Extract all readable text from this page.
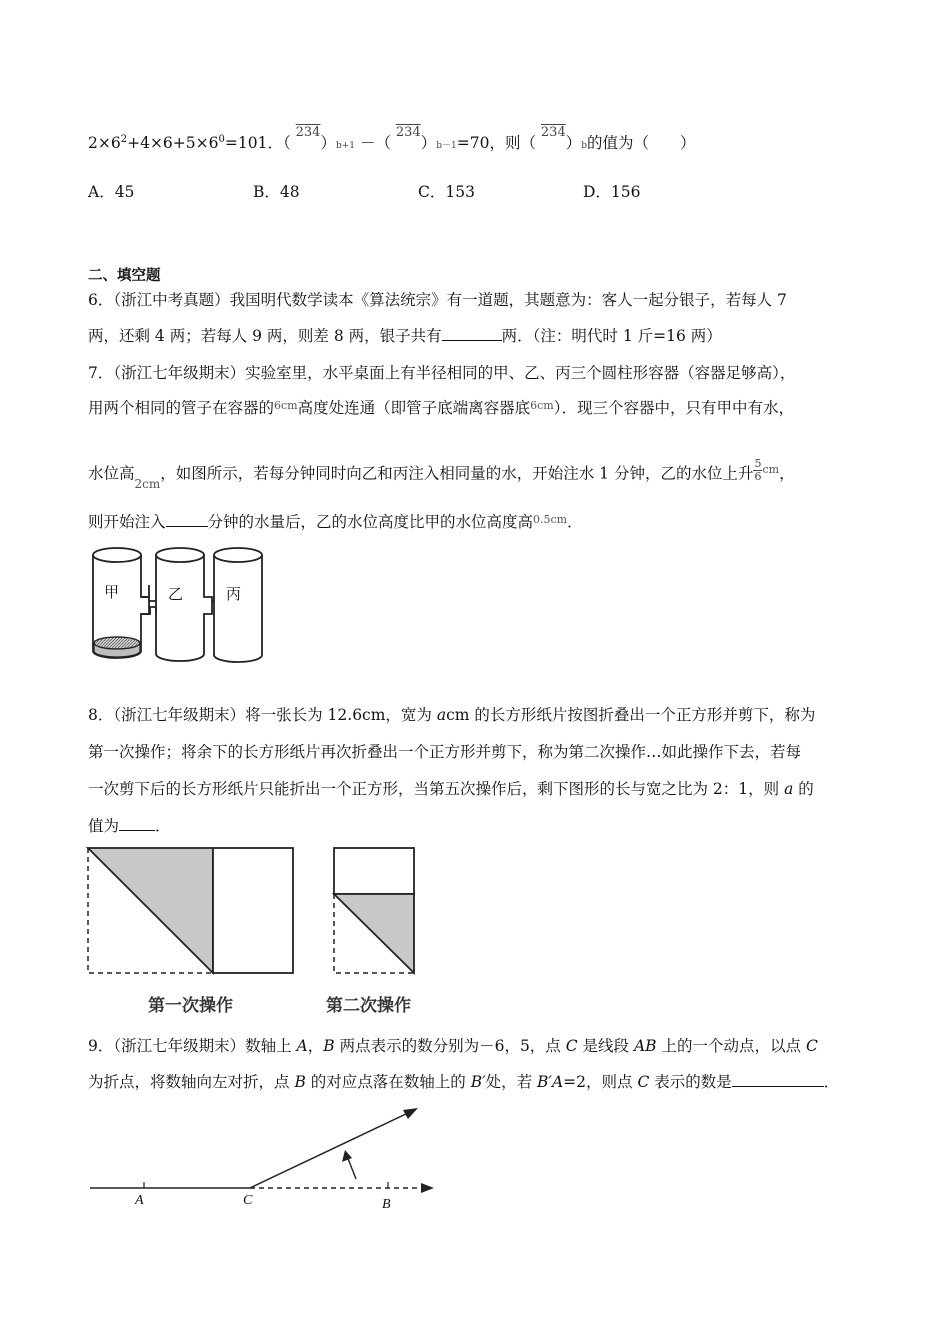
$2\times 6^2+4\times 6+5\times 6^0=101$．（ 234）b+1 －（ 234）b－1=70，则（ 234）b的值为（　　）
A．45	B．48	C．153	D．156
二、填空题
6．（浙江中考真题）我国明代数学读本《算法统宗》有一道题，其题意为：客人一起分银子，若每人 7
两，还剩 4 两；若每人 9 两，则差 8 两，银子共有	两．（注：明代时 1 斤=16 两）
7．（浙江七年级期末）实验室里，水平桌面上有半径相同的甲、乙、丙三个圆柱形容器（容器足够高），
用两个相同的管子在容器的$^{6cm}$高度处连通（即管子底端离容器底$^{6cm}$）．现三个容器中，只有甲中有水，
水位高$_{2cm}$，如图所示，若每分钟同时向乙和丙注入相同量的水，开始注水 1 分钟，乙的水位上升 $\frac{5}{6} ^{cm}$，
则开始注入	分钟的水量后，乙的水位高度比甲的水位高度高$^{0.5cm}$．
甲	乙	丙
8．（浙江七年级期末）将一张长为 12.6cm，宽为 acm 的长方形纸片按图折叠出一个正方形并剪下，称为
第一次操作；将余下的长方形纸片再次折叠出一个正方形并剪下，称为第二次操作…如此操作下去，若每
一次剪下后的长方形纸片只能折出一个正方形，当第五次操作后，剩下图形的长与宽之比为 2：1，则 a 的
值为 ．
第一次操作	第二次操作
9．（浙江七年级期末）数轴上 A，B 两点表示的数分别为－6，5，点 C 是线段 AB 上的一个动点，以点 C
为折点，将数轴向左对折，点 B 的对应点落在数轴上的 B′处，若 B′A=2，则点 C 表示的数是	．
A	C	B
